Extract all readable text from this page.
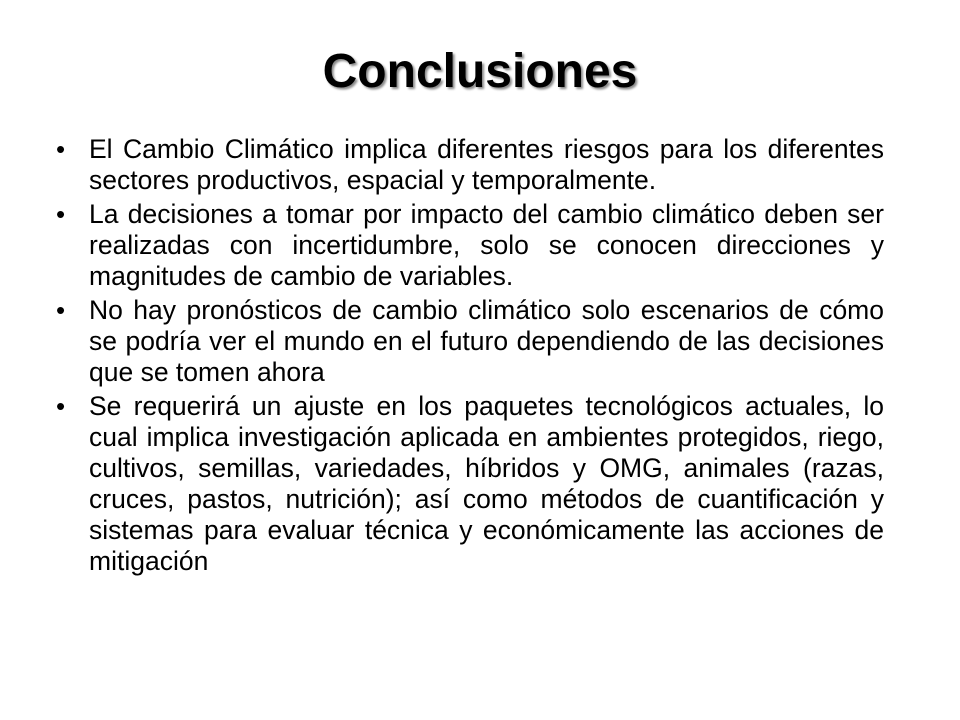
Conclusiones
• El Cambio Climático implica diferentes riesgos para los diferentes sectores productivos, espacial y temporalmente.
• La decisiones a tomar por impacto del cambio climático deben ser realizadas con incertidumbre, solo se conocen direcciones y magnitudes de cambio de variables.
• No hay pronósticos de cambio climático solo escenarios de cómo se podría ver el mundo en el futuro dependiendo de las decisiones que se tomen ahora
• Se requerirá un ajuste en los paquetes tecnológicos actuales, lo cual implica investigación aplicada en ambientes protegidos, riego, cultivos, semillas, variedades, híbridos y OMG, animales (razas, cruces, pastos, nutrición); así como métodos de cuantificación y sistemas para evaluar técnica y económicamente las acciones de mitigación
